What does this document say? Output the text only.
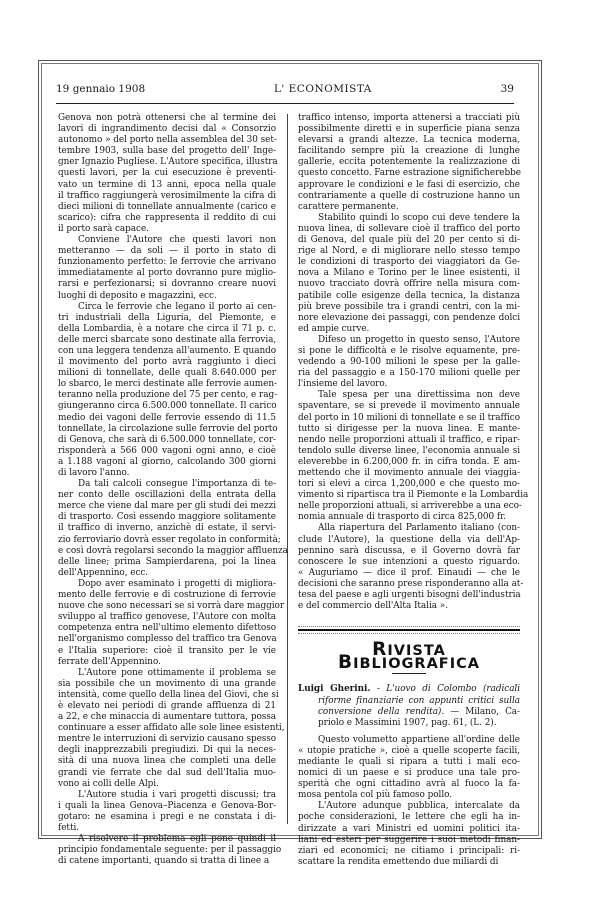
19 gennaio 1908	L' ECONOMISTA	39

Genova non potrà ottenersi che al termine dei
lavori di ingrandimento decisi dal « Consorzio
autonomo » del porto nella assemblea del 30 set-
tembre 1903, sulla base del progetto dell' Inge-
gner Ignazio Pugliese. L'Autore specifica, illustra
questi lavori, per la cui esecuzione è preventi-
vato un termine di 13 anni, epoca nella quale
il traffico raggiungerà verosimilmente la cifra di
dieci milioni di tonnellate annualmente (carico e
scarico): cifra che rappresenta il reddito di cui
il porto sarà capace.

Conviene l'Autore che questi lavori non
metteranno — da soli — il porto in stato di
funzionamento perfetto: le ferrovie che arrivano
immediatamente al porto dovranno pure miglio-
rarsi e perfezionarsi; si dovranno creare nuovi
luoghi di deposito e magazzini, ecc.

Circa le ferrovie che legano il porto ai cen-
tri industriali della Liguria, del Piemonte, e
della Lombardia, è a notare che circa il 71 p. c.
delle merci sbarcate sono destinate alla ferrovia,
con una leggera tendenza all'aumento. E quando
il movimento del porto avrà raggiunto i dieci
milioni di tonnellate, delle quali 8.640.000 per
lo sbarco, le merci destinate alle ferrovie aumen-
teranno nella produzione del 75 per cento, e rag-
giungeranno circa 6.500.000 tonnellate. Il carico
medio dei vagoni delle ferrovie essendo di 11.5
tonnellate, la circolazione sulle ferrovie del porto
di Genova, che sarà di 6.500.000 tonnellate, cor-
risponderà a 566 000 vagoni ogni anno, e cioè
a 1.188 vagoni al giorno, calcolando 300 giorni
di lavoro l'anno.

Da tali calcoli consegue l'importanza di te-
ner conto delle oscillazioni della entrata della
merce che viene dal mare per gli studi dei mezzi
di trasporto. Così essendo maggiore solitamente
il traffico di inverno, anzichè di estate, il servi-
zio ferroviario dovrà esser regolato in conformità;
e così dovrà regolarsi secondo la maggior affluenza
delle linee; prima Sampierdarena, poi la linea
dell'Appennino, ecc.

Dopo aver esaminato i progetti di migliora-
mento delle ferrovie e di costruzione di ferrovie
nuove che sono necessari se si vorrà dare maggior
sviluppo al traffico genovese, l'Autore con molta
competenza entra nell'ultimo elemento difettoso
nell'organismo complesso del traffico tra Genova
e l'Italia superiore: cioè il transito per le vie
ferrate dell'Appennino.

L'Autore pone ottimamente il problema se
sia possibile che un movimento di una grande
intensità, come quello della linea del Giovi, che si
è elevato nei periodi di grande affluenza di 21
a 22, e che minaccia di aumentare tuttora, possa
continuare a esser affidato alle sole linee esistenti,
mentre le interruzioni di servizio causano spesso
degli inapprezzabili pregiudizi. Di qui la neces-
sità di una nuova linea che completi una delle
grandi vie ferrate che dal sud dell'Italia muo-
vono ai colli delle Alpi.

L'Autore studia i vari progetti discussi; tra
i quali la linea Genova–Piacenza e Genova-Bor-
gotaro: ne esamina i pregi e ne constata i di-
fetti.

A risolvere il problema egli pone quindi il
principio fondamentale seguente: per il passaggio
di catene importanti, quando si tratta di linee a

traffico intenso, importa attenersi a tracciati più
possibilmente diretti e in superficie piana senza
elevarsi a grandi altezze. La tecnica moderna,
facilitando sempre più la creazione di lunghe
gallerie, eccita potentemente la realizzazione di
questo concetto. Farne estrazione significherebbe
approvare le condizioni e le fasi di esercizio, che
contrariamente a quelle di costruzione hanno un
carattere permanente.

Stabilito quindi lo scopo cui deve tendere la
nuova linea, di sollevare cioè il traffico del porto
di Genova, del quale più del 20 per cento si di-
rige al Nord, e di migliorare nello stesso tempo
le condizioni di trasporto dei viaggiatori da Ge-
nova a Milano e Torino per le linee esistenti, il
nuovo tracciato dovrà offrire nella misura com-
patibile colle esigenze della tecnica, la distanza
più breve possibile tra i grandi centri, con la mi-
nore elevazione dei passaggi, con pendenze dolci
ed ampie curve.

Difeso un progetto in questo senso, l'Autore
si pone le difficoltà e le risolve equamente, pre-
vedendo a 90-100 milioni le spese per la galle-
ria del passaggio e a 150-170 milioni quelle per
l'insieme del lavoro.

Tale spesa per una direttissima non deve
spaventare, se si prevede il movimento annuale
del porto in 10 milioni di tonnellate e se il traffico
tutto si dirigesse per la nuova linea. E mante-
nendo nelle proporzioni attuali il traffico, e ripar-
tendolo sulle diverse linee, l'economia annuale si
eleverebbe in 6.200,000 fr. in cifra tonda. E am-
mettendo che il movimento annuale dei viaggia-
tori si elevi a circa 1,200,000 e che questo mo-
vimento si ripartisca tra il Piemonte e la Lombardia
nelle proporzioni attuali, si arriverebbe a una eco-
nomia annuale di trasporto di circa 825,000 fr.

Alla riapertura del Parlamento italiano (con-
clude l'Autore), la questione della via dell'Ap-
pennino sarà discussa, e il Governo dovrà far
conoscere le sue intenzioni a questo riguardo.
« Auguriamo — dice il prof. Einaudi — che le
decisioni che saranno prese risponderanno alla at-
tesa del paese e agli urgenti bisogni dell'industria
e del commercio dell'Alta Italia ».

RIVISTA BIBLIOGRAFICA
Luigi Gherini. - L'uovo di Colombo (radicali
riforme finanziarie con appunti critici sulla
conversione della rendita). — Milano, Ca-
priolo e Massimini 1907, pag. 61, (L. 2).

Questo volumetto appartiene all'ordine delle
« utopie pratiche », cioè a quelle scoperte facili,
mediante le quali si ripara a tutti i mali eco-
nomici di un paese e si produce una tale pro-
sperità che ogni cittadino avrà al fuoco la fa-
mosa pentola col più famoso pollo.

L'Autore adunque pubblica, intercalate da
poche considerazioni, le lettere che egli ha in-
dirizzate a vari Ministri ed uomini politici ita-
liani ed esteri per suggerire i suoi metodi finan-
ziari ed economici; ne citiamo i principali: ri-
scattare la rendita emettendo due miliardi di
